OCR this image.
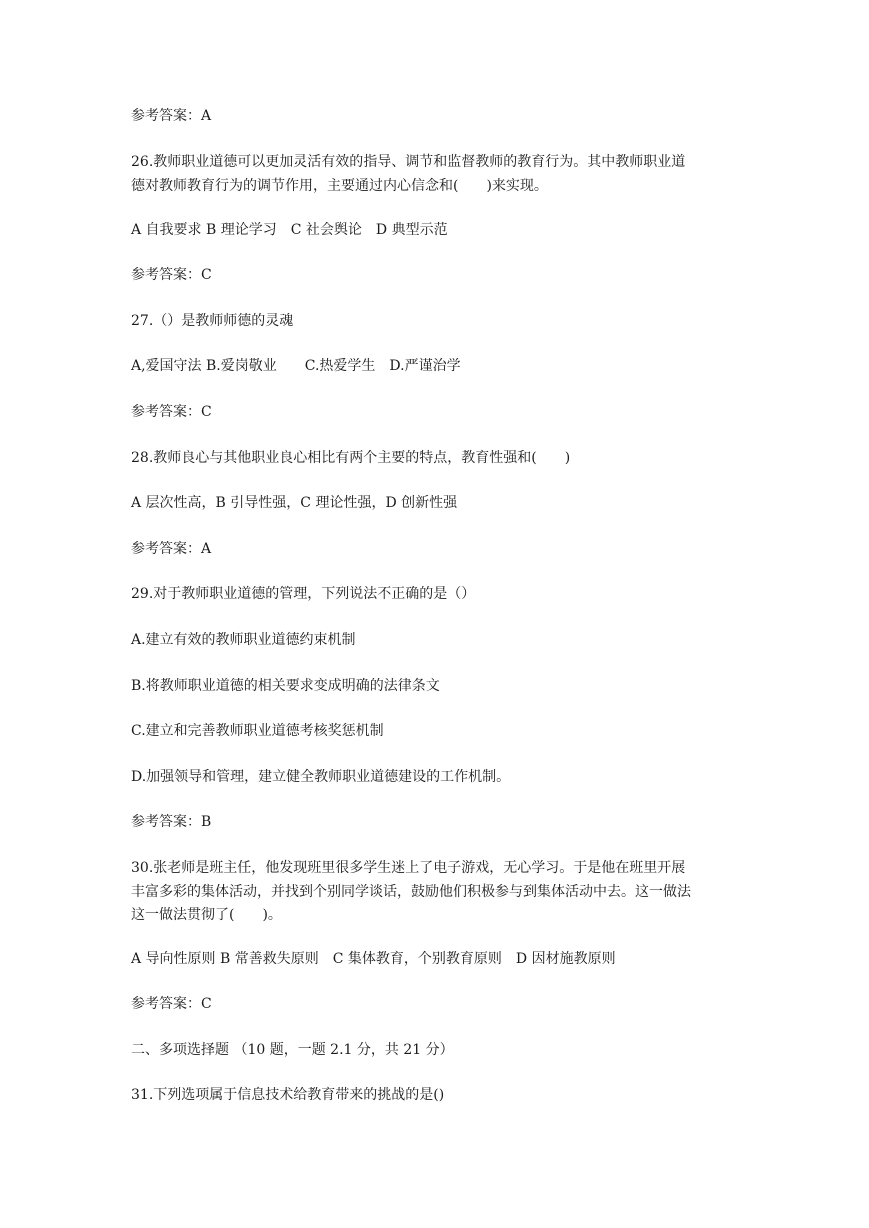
参考答案：A
26.教师职业道德可以更加灵活有效的指导、调节和监督教师的教育行为。其中教师职业道
德对教师教育行为的调节作用，主要通过内心信念和(　　)来实现。
A 自我要求 B 理论学习　C 社会舆论　D 典型示范
参考答案：C
27.（）是教师师德的灵魂
A,爱国守法 B.爱岗敬业　　C.热爱学生　D.严谨治学
参考答案：C
28.教师良心与其他职业良心相比有两个主要的特点，教育性强和(　　)
A 层次性高，B 引导性强，C 理论性强，D 创新性强
参考答案：A
29.对于教师职业道德的管理，下列说法不正确的是（）
A.建立有效的教师职业道德约束机制
B.将教师职业道德的相关要求变成明确的法律条文
C.建立和完善教师职业道德考核奖惩机制
D.加强领导和管理，建立健全教师职业道德建设的工作机制。
参考答案：B
30.张老师是班主任，他发现班里很多学生迷上了电子游戏，无心学习。于是他在班里开展
丰富多彩的集体活动，并找到个别同学谈话，鼓励他们积极参与到集体活动中去。这一做法
这一做法贯彻了(　　)。
A 导向性原则 B 常善救失原则　C 集体教育，个别教育原则　D 因材施教原则
参考答案：C
二、多项选择题 （10 题，一题 2.1 分，共 21 分）
31.下列选项属于信息技术给教育带来的挑战的是()
